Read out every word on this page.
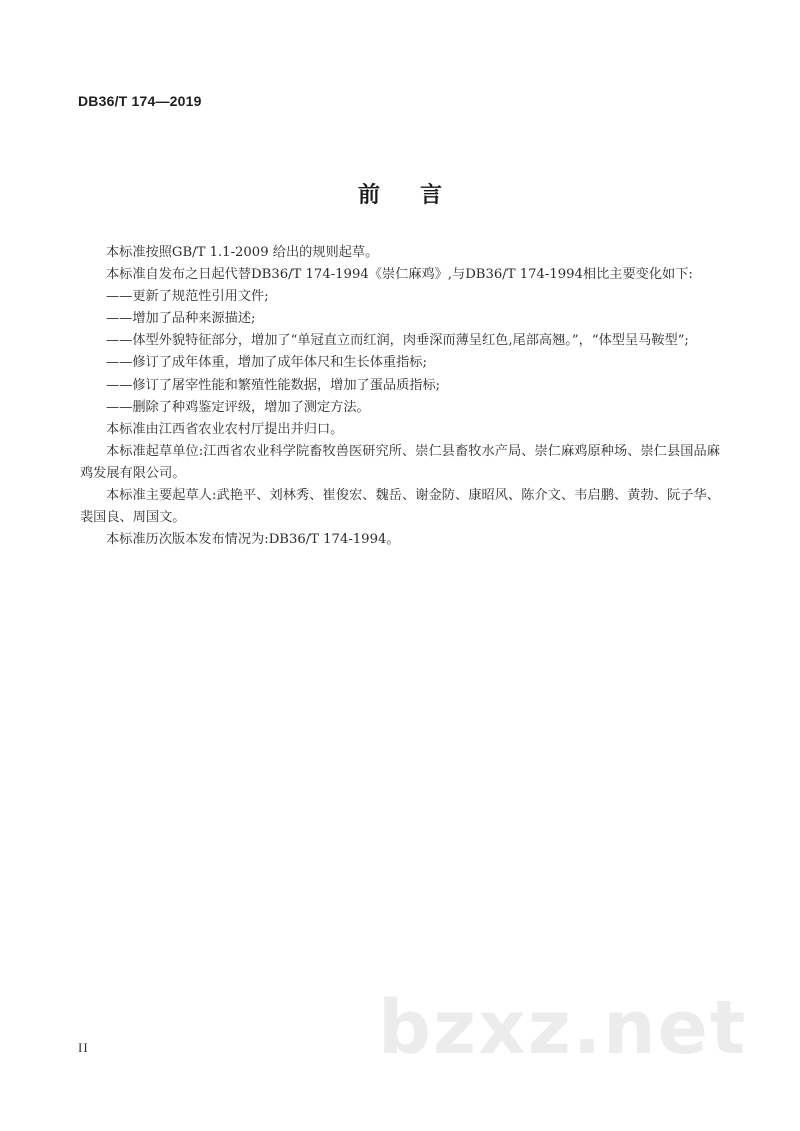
DB36/T 174—2019
前言

本标准按照GB/T 1.1-2009 给出的规则起草。

本标准自发布之日起代替DB36/T 174-1994《崇仁麻鸡》,与DB36/T 174-1994相比主要变化如下:

——更新了规范性引用文件;

——增加了品种来源描述;

——体型外貌特征部分，增加了“单冠直立而红润，肉垂深而薄呈红色,尾部高翘。”，“体型呈马鞍型”;

——修订了成年体重，增加了成年体尺和生长体重指标;

——修订了屠宰性能和繁殖性能数据，增加了蛋品质指标;

——删除了种鸡鉴定评级，增加了测定方法。

本标准由江西省农业农村厅提出并归口。

本标准起草单位:江西省农业科学院畜牧兽医研究所、崇仁县畜牧水产局、崇仁麻鸡原种场、崇仁县国品麻鸡发展有限公司。

本标准主要起草人:武艳平、刘林秀、崔俊宏、魏岳、谢金防、康昭风、陈介文、韦启鹏、黄勃、阮子华、裴国良、周国文。

本标准历次版本发布情况为:DB36/T 174-1994。

bzxz.net
II
